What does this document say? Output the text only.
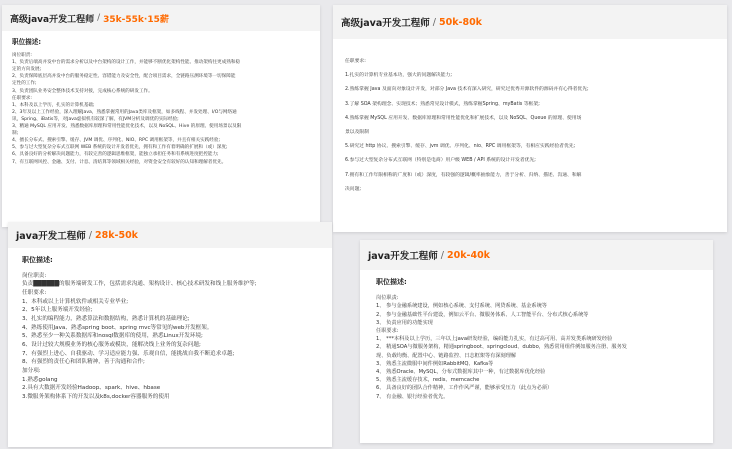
高级java开发工程师 / 35k-55k·15薪
职位描述:
岗位职责:
1、负责后端高并发中台的需求分析以及中台架构的设计工作，并能够不断优化架构性能、推动架构往更成熟和稳
定的方向发展;
2、负责保障底层高并发中台的服务稳定性、容错能力及安全性，配合项目需求，全链路压测环境等一切保障能
定性的工作;
3、负责团队业务安全整体技术支持对接，完成核心系统的研发工作。
任职要求:
1、本科及以上学历，扎实的计算机基础;
2、3年及以上工作经验，深入理解Java，熟悉掌握常用的Java类库及框架，如多线程、并发处理、I/O与网络通
讯，Spring、iBatis等，对Java虚拟机有较深了解，有JVM分析及调优的实际经验;
3、精通 MySQL 应用开发、熟悉数据库原理和常用性能优化技术，以及 NoSQL、Hive 的原理、使用场景以及限
制;
4、擅长分布式、搜索引擎、缓存、JVM 调优、序列化、NIO、RPC 调用框架等，并且有相关实践经验;
5、参与过大型复杂分布式互联网 WEB 系统的设计开发者优先，拥有和工作有着明确的扩展和（或）深度;
6、具备良好的分析解决问题能力，有较完善的逻辑思维框架，能独立承担任务和有系统进度把控能力;
7、有互联网风控、金融、支付、计息、清结算等领域相关经验，对资金安全有较好的认知和理解者优先。
高级java开发工程师 / 50k-80k
任职要求:
1.扎实的计算机专业基本功，强大的问题解决能力;
2.熟练掌握 Java 及面向对象设计开发，对部分 Java 技术有深入研究，研究过优秀开源软件的源码并有心得者优先;
3.了解 SOA 架构理念、实现技术；熟悉常见设计模式，熟练掌握Spring、myBatis 等框架;
4.熟练掌握 MySQL 应用开发、数据库原理和常用性能优化和扩展技术，以及 NoSQL、Queue 的原理、使用场
景以及限制
5.研究过 http 协议、搜索引擎、缓存、jvm 调优、序列化、nio、RPC 调用框架等，有相应实践经验者优先;
6.参与过大型复杂分布式互联网（特别是电商）用户级 WEB / API 系统的设计开发者优先;
7.拥有和工作年限相称的广度和（或）深度，有较强的逻辑/概率抽象能力，善于分析、归纳、描述、沟通、和解
决问题;
java开发工程师 / 28k-50k
职位描述:
岗位职责:
负责██████的服务端研发工作，包括需求沟通、架构设计、核心技术研发和线上服务维护等;
任职要求:
1、本科或以上计算机软件或相关专业毕业;
2、5年以上服务端开发经验;
3、扎实的编程能力，熟悉算法和数据结构，熟悉计算机的基础理论;
4、熟练使用Java、熟悉spring boot、spring mvc等常见的web开发框架。
5、熟悉至少一种关系数据库和nosql数据库的使用，熟悉Linux开发环境;
6、设计过较大规模业务的核心服务或模块，能解决线上业务的复杂问题;
7、有强烈上进心、自我驱动、学习适应能力强、乐观自信，能挑战自我不断追求卓越;
8、有强烈的责任心和团队精神，善于沟通和合作;
加分项:
1.熟悉golang
2.具有大数据开发经验Hadoop、spark、hive、hbase
3.微服务架构体系下的开发以及k8s,docker容器服务的使用
java开发工程师 / 20k-40k
职位描述:
岗位职责:
1、 参与金融系统建设，例如核心系统、支付系统、网贷系统、基金系统等
2、 参与金融基础性平台建设，例如云平台、微服务体系、人工智能平台、分布式核心系统等
3、 负责应用的功能实现
任职要求:
1、 ***本科及以上学历，三年以上java研发经验，编码能力扎实，有过高可用、高并发类系统研发经验
2、 精通SOA与微服务架构，精通springboot、springcloud、dubbo，熟悉常用组件例如服务注册、服务发
现、负载均衡、配置中心、链路监控、日志框架等有深刻理解
3、 熟悉主流微服中间件例如RabbitMQ、Kafka等
4、 熟悉Oracle、MySQL，分布式数据库其中一种，有过数据库优化经验
5、 熟悉主流缓存技术，redis、memcache
6、 具备良好的团队合作精神，工作作风严谨，能够承受压力（此点为必须）
7、 有金融、银行经验者优先。
